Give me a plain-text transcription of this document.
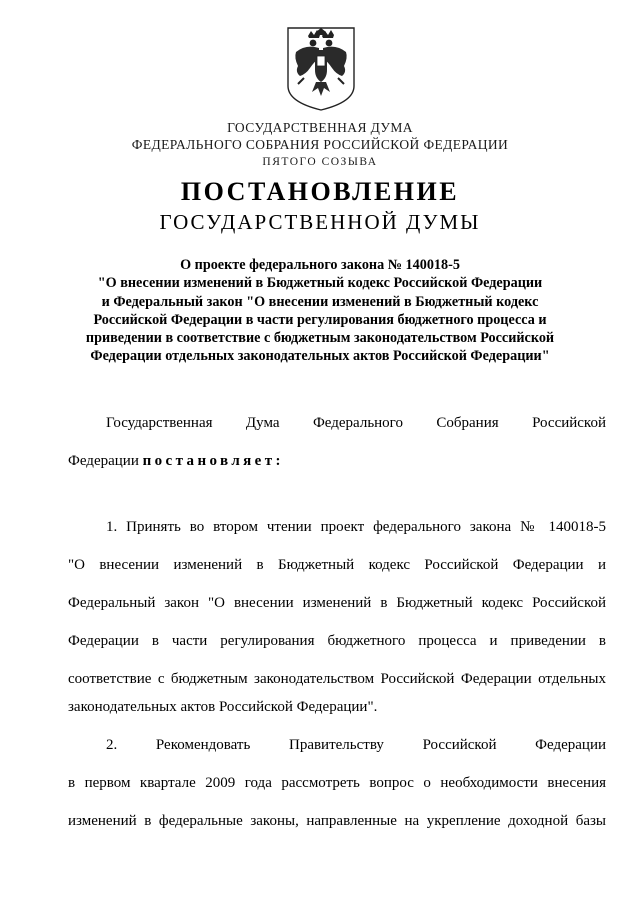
ГОСУДАРСТВЕННАЯ ДУМА
ФЕДЕРАЛЬНОГО СОБРАНИЯ РОССИЙСКОЙ ФЕДЕРАЦИИ
ПЯТОГО СОЗЫВА
ПОСТАНОВЛЕНИЕ
ГОСУДАРСТВЕННОЙ ДУМЫ
О проекте федерального закона № 140018-5
"О внесении изменений в Бюджетный кодекс Российской Федерации
и Федеральный закон "О внесении изменений в Бюджетный кодекс
Российской Федерации в части регулирования бюджетного процесса и
приведении в соответствие с бюджетным законодательством Российской
Федерации отдельных законодательных актов Российской Федерации"
Государственная Дума Федерального Собрания Российской
Федерации постановляет:
1. Принять во втором чтении проект федерального закона № 140018-5
"О внесении изменений в Бюджетный кодекс Российской Федерации и
Федеральный закон "О внесении изменений в Бюджетный кодекс Российской
Федерации в части регулирования бюджетного процесса и приведении в
соответствие с бюджетным законодательством Российской Федерации отдельных
законодательных актов Российской Федерации".
2. Рекомендовать Правительству Российской Федерации
в первом квартале 2009 года рассмотреть вопрос о необходимости внесения
изменений в федеральные законы, направленные на укрепление доходной базы
